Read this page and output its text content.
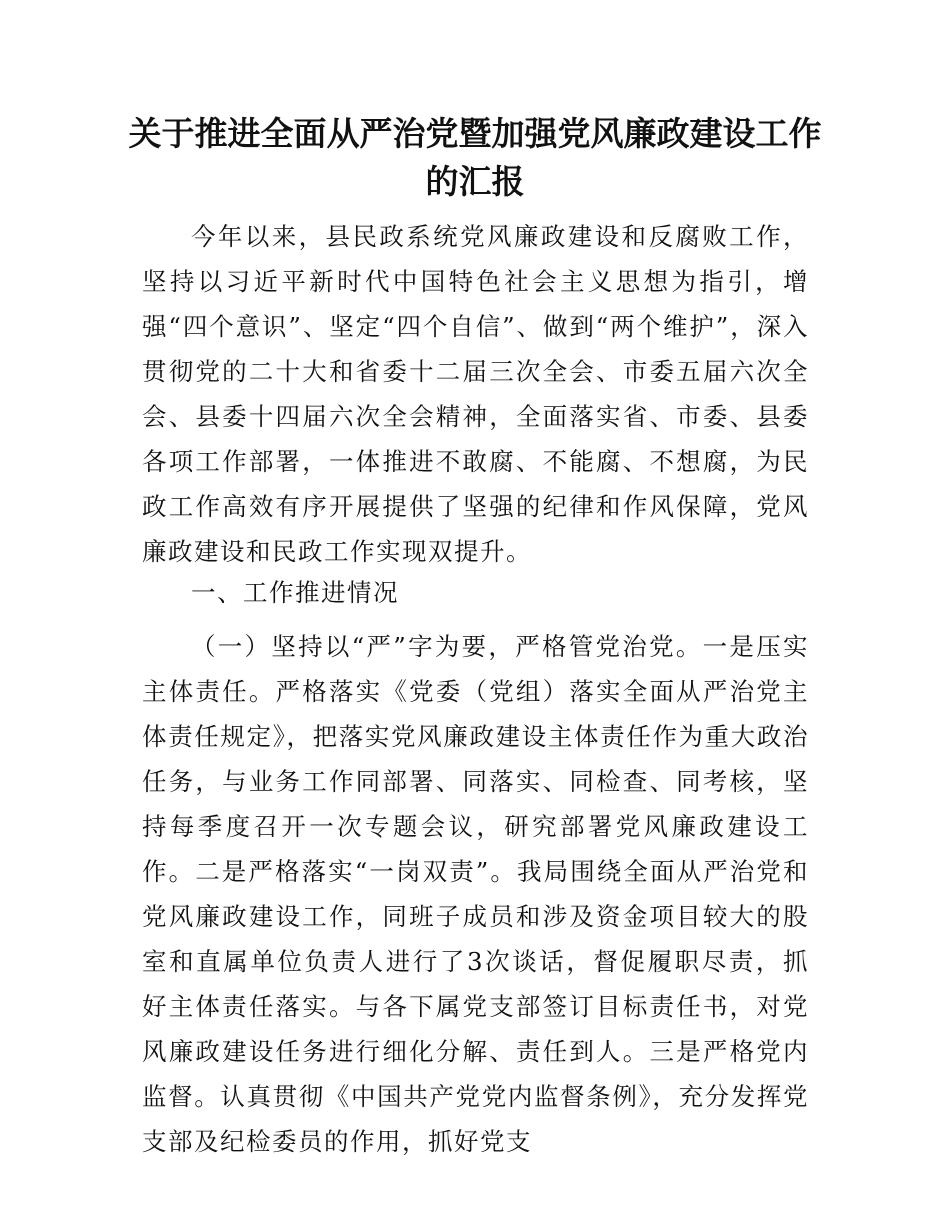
关于推进全面从严治党暨加强党风廉政建设工作的汇报

今年以来，县民政系统党风廉政建设和反腐败工作，坚持以习近平新时代中国特色社会主义思想为指引，增强“四个意识”、坚定“四个自信”、做到“两个维护”，深入贯彻党的二十大和省委十二届三次全会、市委五届六次全会、县委十四届六次全会精神，全面落实省、市委、县委各项工作部署，一体推进不敢腐、不能腐、不想腐，为民政工作高效有序开展提供了坚强的纪律和作风保障，党风廉政建设和民政工作实现双提升。

一、工作推进情况

（一）坚持以“严”字为要，严格管党治党。一是压实主体责任。严格落实《党委（党组）落实全面从严治党主体责任规定》，把落实党风廉政建设主体责任作为重大政治任务，与业务工作同部署、同落实、同检查、同考核，坚持每季度召开一次专题会议，研究部署党风廉政建设工作。二是严格落实“一岗双责”。我局围绕全面从严治党和党风廉政建设工作，同班子成员和涉及资金项目较大的股室和直属单位负责人进行了3次谈话，督促履职尽责，抓好主体责任落实。与各下属党支部签订目标责任书，对党风廉政建设任务进行细化分解、责任到人。三是严格党内监督。认真贯彻《中国共产党党内监督条例》，充分发挥党支部及纪检委员的作用，抓好党支
